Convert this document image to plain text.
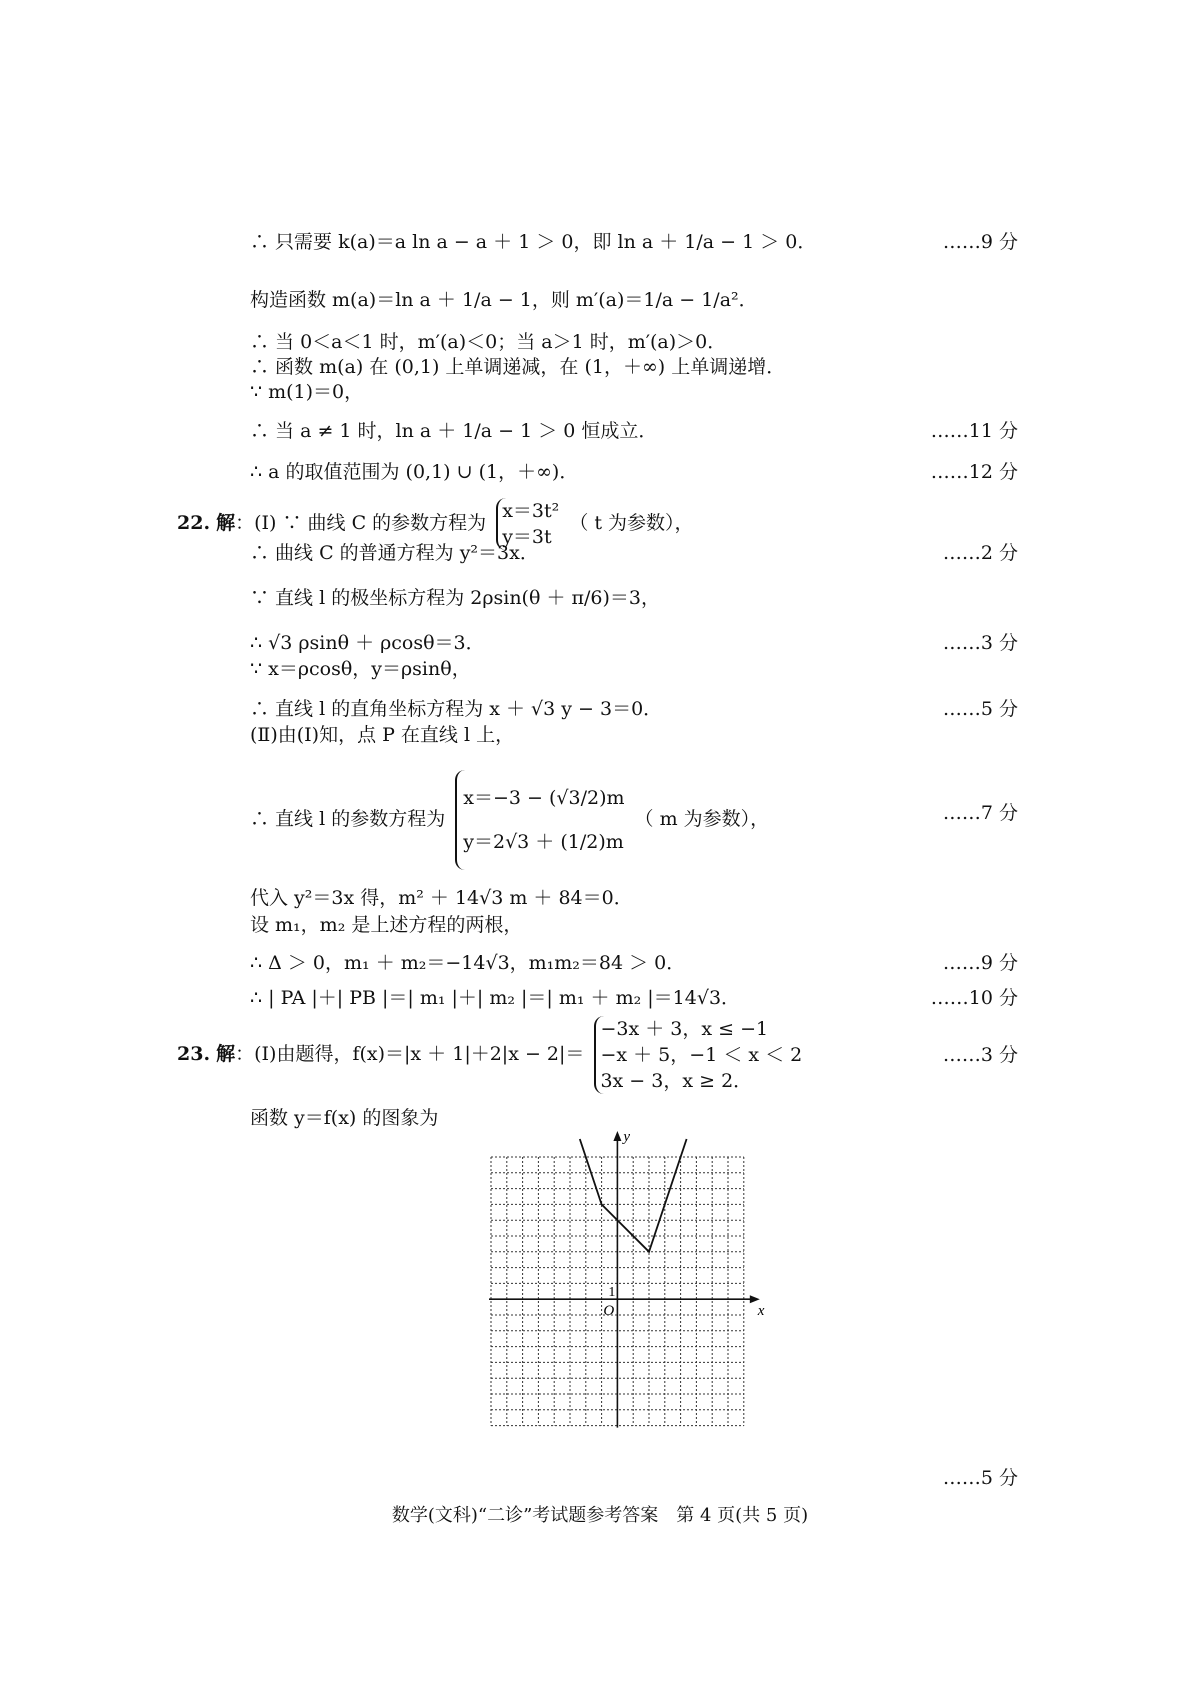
∴ 只需要 k(a)＝a ln a − a ＋ 1 ＞ 0，即 ln a ＋ 1/a − 1 ＞ 0．	……9 分
构造函数 m(a)＝ln a ＋ 1/a − 1，则 m′(a)＝1/a − 1/a²．
∴ 当 0＜a＜1 时，m′(a)＜0；当 a＞1 时，m′(a)＞0．
∴ 函数 m(a) 在 (0,1) 上单调递减，在 (1，＋∞) 上单调递增．
∵ m(1)＝0，
∴ 当 a ≠ 1 时，ln a ＋ 1/a − 1 ＞ 0 恒成立．	……11 分
∴ a 的取值范围为 (0,1) ∪ (1，＋∞)．	……12 分
22. 解：(Ⅰ) ∵ 曲线 C 的参数方程为
x＝3t²
y＝3t
（ t 为参数），
∴ 曲线 C 的普通方程为 y²＝3x．	……2 分
∵ 直线 l 的极坐标方程为 2ρsin(θ ＋ π/6)＝3，
∴ √3 ρsinθ ＋ ρcosθ＝3．	……3 分
∵ x＝ρcosθ，y＝ρsinθ，
∴ 直线 l 的直角坐标方程为 x ＋ √3 y − 3＝0．	……5 分
(Ⅱ)由(Ⅰ)知，点 P 在直线 l 上，
∴ 直线 l 的参数方程为
x＝−3 − (√3/2)m
y＝2√3 ＋ (1/2)m
（ m 为参数），	……7 分
代入 y²＝3x 得，m² ＋ 14√3 m ＋ 84＝0．
设 m₁，m₂ 是上述方程的两根，
∴ Δ ＞ 0，m₁ ＋ m₂＝−14√3，m₁m₂＝84 ＞ 0．	……9 分
∴ | PA |＋| PB |＝| m₁ |＋| m₂ |＝| m₁ ＋ m₂ |＝14√3．	……10 分
23. 解：(Ⅰ)由题得，f(x)＝|x ＋ 1|＋2|x − 2|＝
−3x ＋ 3，x ≤ −1
−x ＋ 5，−1 ＜ x ＜ 2
3x − 3，x ≥ 2．
……3 分
函数 y＝f(x) 的图象为
x
y
O
1
……5 分
数学(文科)“二诊”考试题参考答案　第 4 页(共 5 页)
